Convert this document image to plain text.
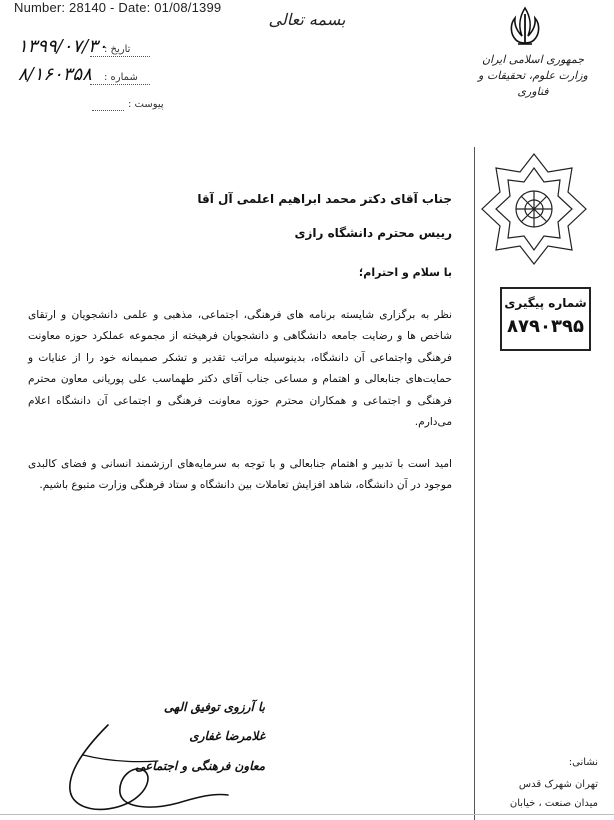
Number: 28140 - Date: 01/08/1399
بسمه تعالی
جمهوری اسلامی ایران
وزارت علوم، تحقیقات و فناوری
تاریخ :
۱۳۹۹/۰۷/۳۰
شماره :
۸/۱۶۰۳۵۸
پیوست :
شماره پیگیری
۸۷۹۰۳۹۵
جناب آقای دکتر محمد ابراهیم اعلمی آل آقا
رییس محترم دانشگاه رازی
با سلام و احترام؛
نظر به برگزاری شایسته برنامه های فرهنگی، اجتماعی، مذهبی و علمی دانشجویان و ارتقای شاخص ها و رضایت جامعه دانشگاهی و دانشجویان فرهیخته از مجموعه عملکرد حوزه معاونت فرهنگی واجتماعی آن دانشگاه، بدینوسیله مراتب تقدیر و تشکر صمیمانه خود را از عنایات و حمایت‌های جنابعالی و اهتمام و مساعی جناب آقای دکتر طهماسب علی پوریانی معاون محترم فرهنگی و اجتماعی و همکاران محترم حوزه معاونت فرهنگی و اجتماعی آن دانشگاه اعلام می‌دارم.
امید است با تدبیر و اهتمام جنابعالی و با توجه به سرمایه‌های ارزشمند انسانی و فضای کالبدی موجود در آن دانشگاه، شاهد افزایش تعاملات بین دانشگاه و ستاد فرهنگی وزارت متبوع باشیم.
با آرزوی توفیق الهی
غلامرضا غفاری
معاون فرهنگی و اجتماعی	نشانی:
تهران شهرک قدس
میدان صنعت ، خیابان
